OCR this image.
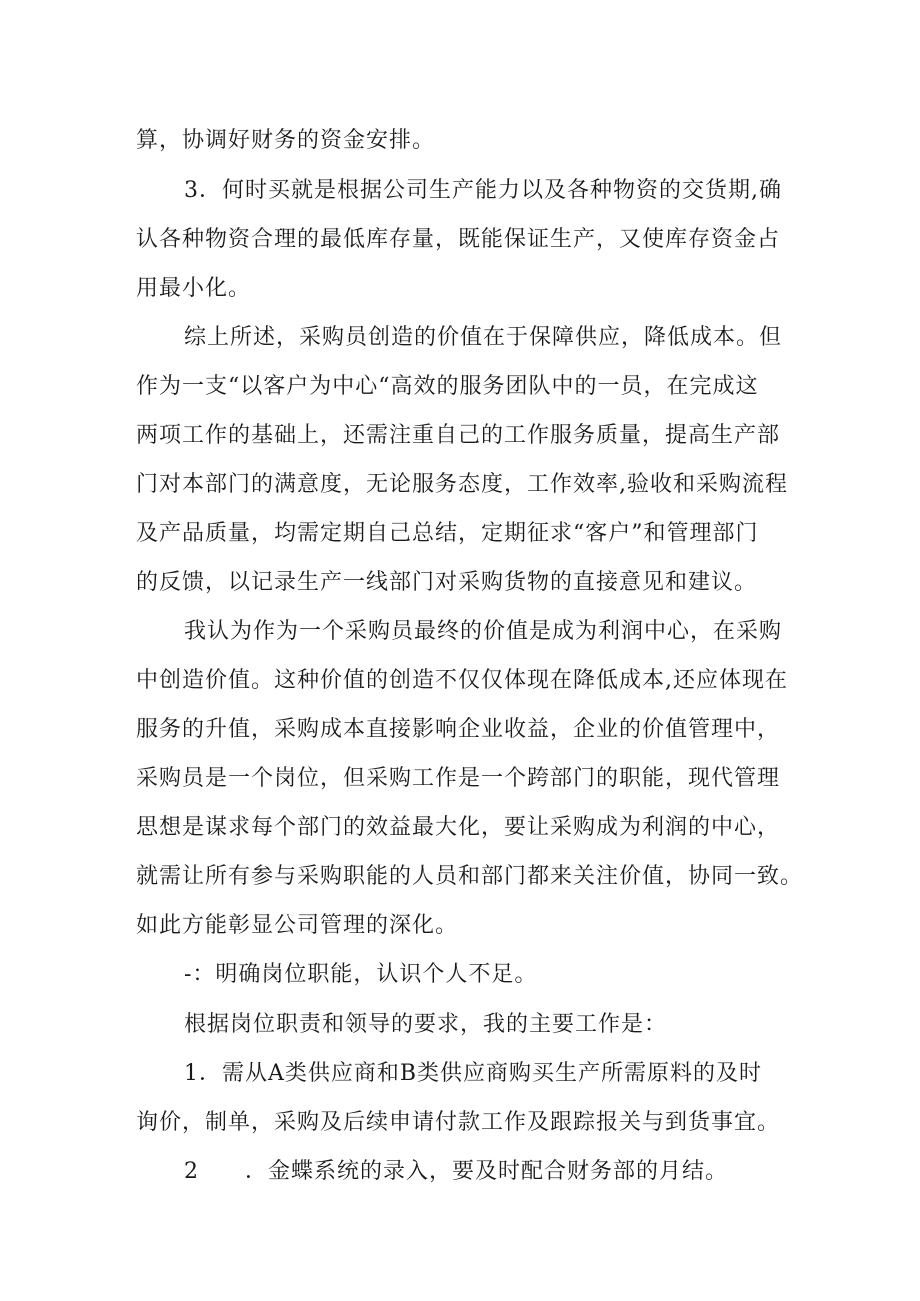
算，协调好财务的资金安排。
3．何时买就是根据公司生产能力以及各种物资的交货期,确
认各种物资合理的最低库存量，既能保证生产，又使库存资金占
用最小化。
综上所述，采购员创造的价值在于保障供应，降低成本。但
作为一支“以客户为中心“高效的服务团队中的一员，在完成这
两项工作的基础上，还需注重自己的工作服务质量，提高生产部
门对本部门的满意度，无论服务态度，工作效率,验收和采购流程
及产品质量，均需定期自己总结，定期征求“客户”和管理部门
的反馈，以记录生产一线部门对采购货物的直接意见和建议。
我认为作为一个采购员最终的价值是成为利润中心，在采购
中创造价值。这种价值的创造不仅仅体现在降低成本,还应体现在
服务的升值，采购成本直接影响企业收益，企业的价值管理中，
采购员是一个岗位，但采购工作是一个跨部门的职能，现代管理
思想是谋求每个部门的效益最大化，要让采购成为利润的中心，
就需让所有参与采购职能的人员和部门都来关注价值，协同一致。
如此方能彰显公司管理的深化。
-：明确岗位职能，认识个人不足。
根据岗位职责和领导的要求，我的主要工作是：
1．需从A类供应商和B类供应商购买生产所需原料的及时
询价，制单，采购及后续申请付款工作及跟踪报关与到货事宜。
2　　．金蝶系统的录入，要及时配合财务部的月结。
